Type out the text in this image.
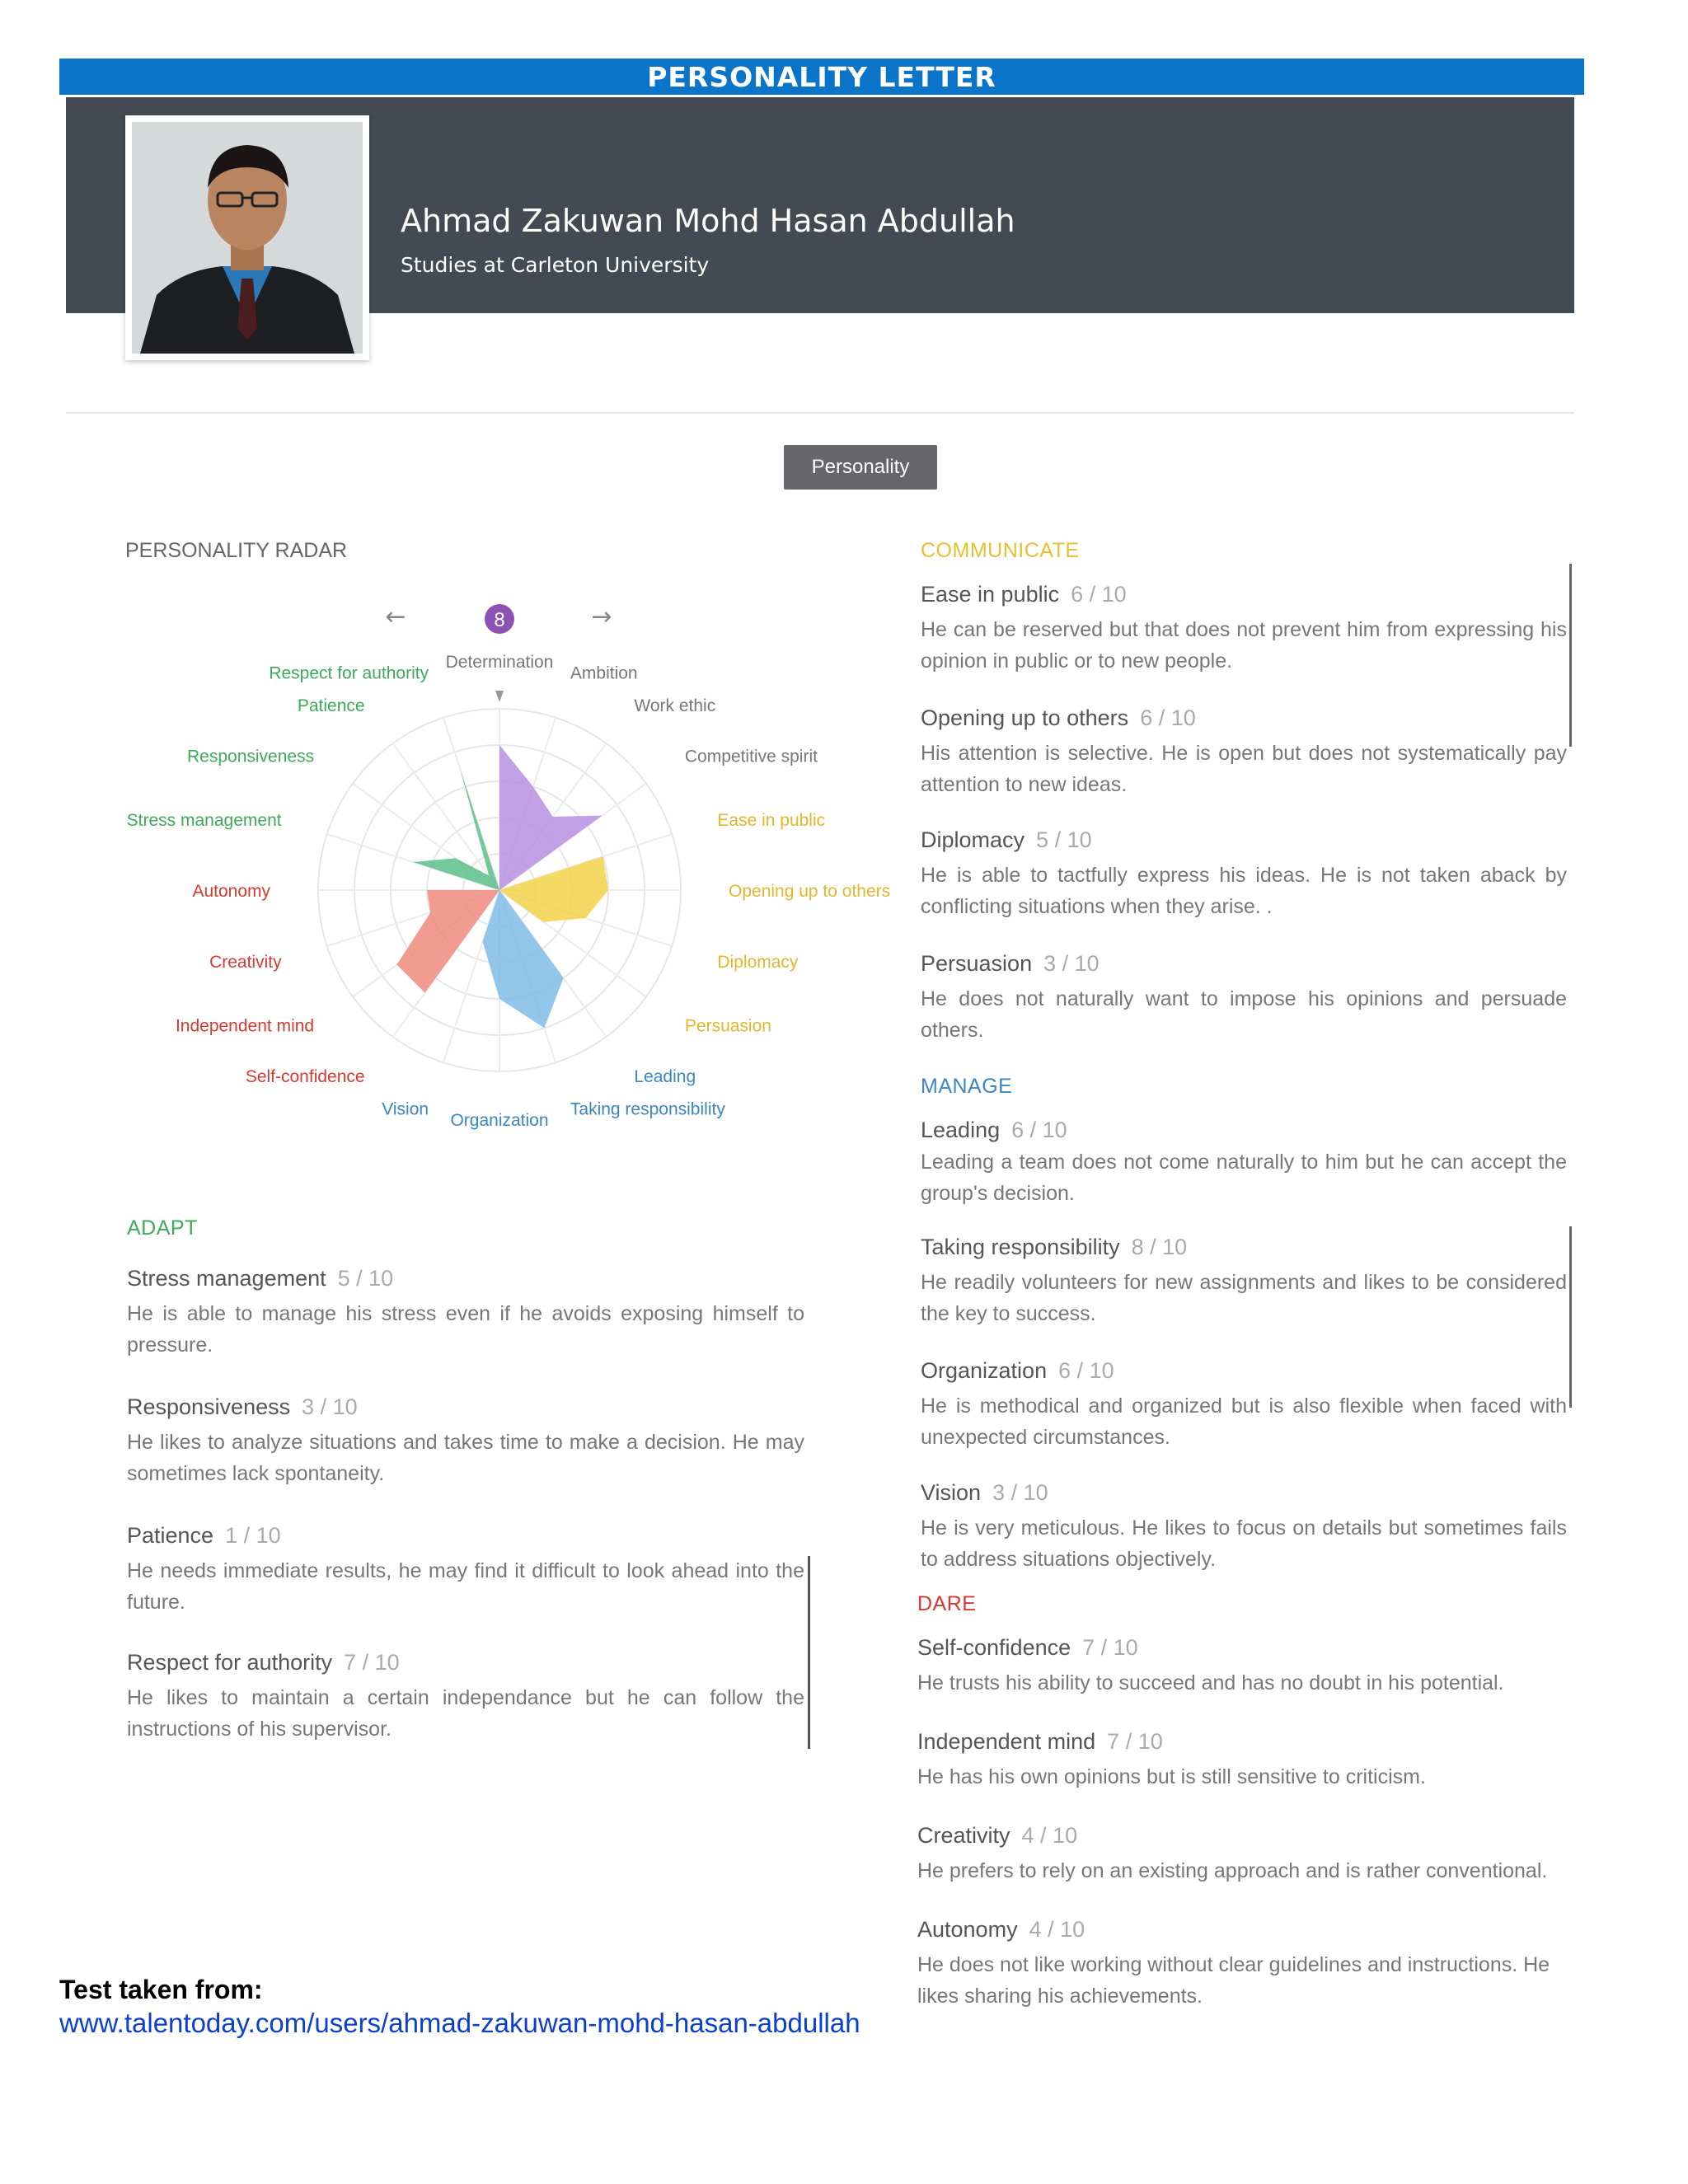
PERSONALITY LETTER
Ahmad Zakuwan Mohd Hasan Abdullah
Studies at Carleton University
Personality
PERSONALITY RADAR
Determination
Ambition
Work ethic
Competitive spirit
Ease in public
Opening up to others
Diplomacy
Persuasion
Leading
Taking responsibility
Organization
Vision
Self-confidence
Independent mind
Creativity
Autonomy
Stress management
Responsiveness
Patience
Respect for authority
←	8	→
ADAPT
Stress management 5 / 10
He is able to manage his stress even if he avoids exposing himself to pressure.
Responsiveness 3 / 10
He likes to analyze situations and takes time to make a decision. He may sometimes lack spontaneity.
Patience 1 / 10
He needs immediate results, he may find it difficult to look ahead into the future.
Respect for authority 7 / 10
He likes to maintain a certain independance but he can follow the instructions of his supervisor.
COMMUNICATE
Ease in public 6 / 10
He can be reserved but that does not prevent him from expressing his opinion in public or to new people.
Opening up to others 6 / 10
His attention is selective. He is open but does not systematically pay attention to new ideas.
Diplomacy 5 / 10
He is able to tactfully express his ideas. He is not taken aback by conflicting situations when they arise. .
Persuasion 3 / 10
He does not naturally want to impose his opinions and persuade others.
MANAGE
Leading 6 / 10
Leading a team does not come naturally to him but he can accept the group's decision.
Taking responsibility 8 / 10
He readily volunteers for new assignments and likes to be considered the key to success.
Organization 6 / 10
He is methodical and organized but is also flexible when faced with unexpected circumstances.
Vision 3 / 10
He is very meticulous. He likes to focus on details but sometimes fails to address situations objectively.
DARE
Self-confidence 7 / 10
He trusts his ability to succeed and has no doubt in his potential.
Independent mind 7 / 10
He has his own opinions but is still sensitive to criticism.
Creativity 4 / 10
He prefers to rely on an existing approach and is rather conventional.
Autonomy 4 / 10
He does not like working without clear guidelines and instructions. He likes sharing his achievements.
Test taken from:
www.talentoday.com/users/ahmad-zakuwan-mohd-hasan-abdullah
